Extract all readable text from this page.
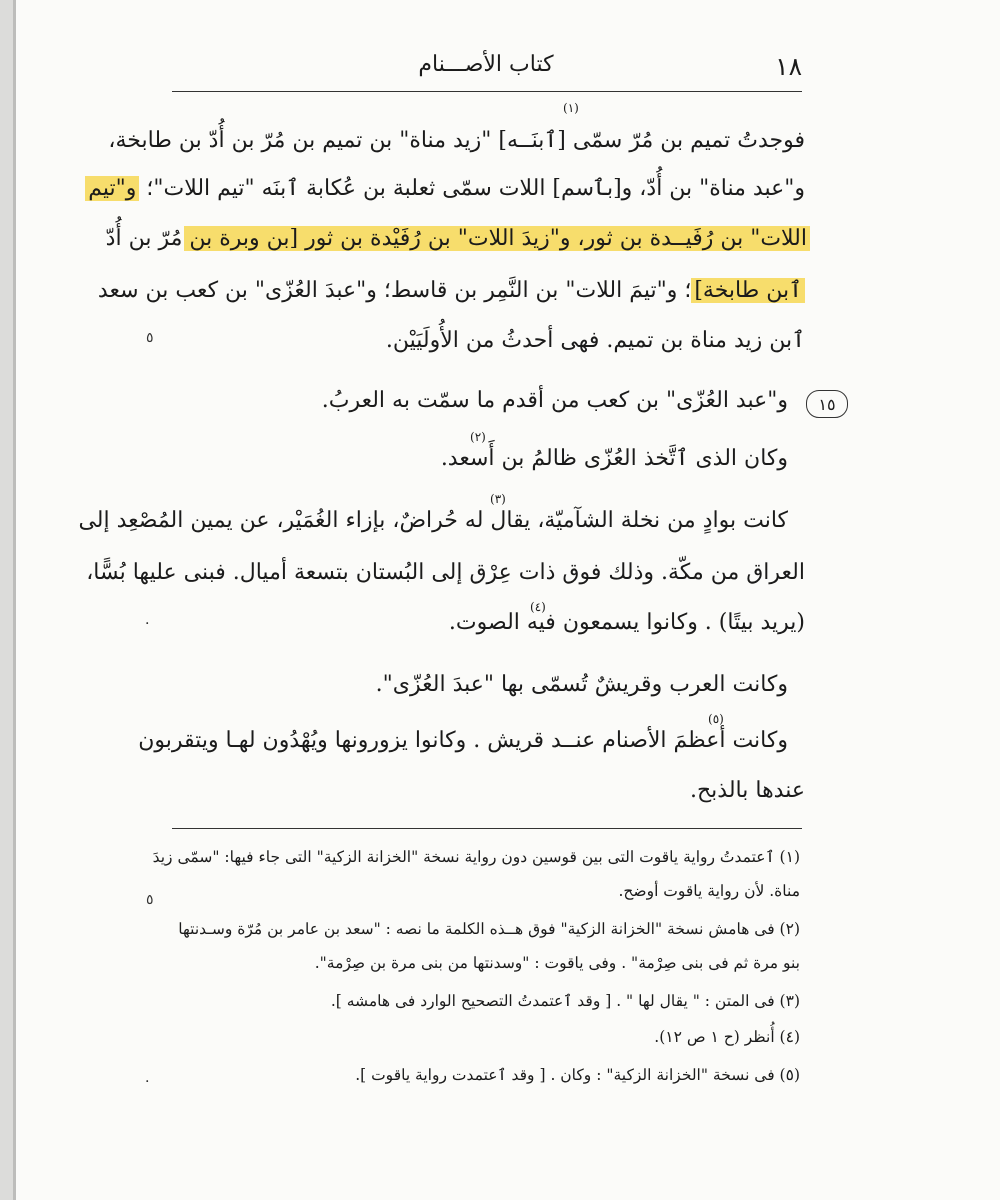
١٨
كتاب الأصـــنام
(١)
فوجدتُ تميم بن مُرّ سمّى [ٱبنَــه] "زيد مناة" بن تميم بن مُرّ بن أُدّ بن طابخة،
و"عبد مناة" بن أُدّ، و[بٱسم] اللات سمّى ثعلبة بن عُكابة ٱبنَه "تيم اللات"؛ و"تيم
اللات" بن رُفَيــدة بن ثور، و"زيدَ اللات" بن رُفَيْدة بن ثور [بن وبرة بن مُرّ بن أُدّ
ٱبن طابخة]؛ و"تيمَ اللات" بن النَّمِر بن قاسط؛ و"عبدَ العُزّى" بن كعب بن سعد
ٱبن زيد مناة بن تميم. فهى أحدثُ من الأُولَيَيْن.
و"عبد العُزّى" بن كعب من أقدم ما سمّت به العربُ.
(٢)
وكان الذى ٱتَّخذ العُزّى ظالمُ بن أَسعد.
(٣)
كانت بوادٍ من نخلة الشآميّة، يقال له حُراضٌ، بإزاء الغُمَيْر، عن يمين المُصْعِد إلى
العراق من مكّة. وذلك فوق ذات عِرْق إلى البُستان بتسعة أميال. فبنى عليها بُسًّا،
(٤)
(يريد بيتًا) . وكانوا يسمعون فيه الصوت.
وكانت العرب وقريشٌ تُسمّى بها "عبدَ العُزّى".
(٥)
وكانت أعظمَ الأصنام عنــد قريش . وكانوا يزورونها ويُهْدُون لهـا ويتقربون
عندها بالذبح.
٥
١٥
.
٥
.
(١) ٱعتمدتُ رواية ياقوت التى بين قوسين دون رواية نسخة "الخزانة الزكية" التى جاء فيها: "سمّى زيدَ
مناة. لأن رواية ياقوت أوضح.
(٢) فى هامش نسخة "الخزانة الزكية" فوق هــذه الكلمة ما نصه : "سعد بن عامر بن مُرّة وسـدنتها
بنو مرة ثم فى بنى صِرْمة" . وفى ياقوت : "وسدنتها من بنى مرة بن صِرْمة".
(٣) فى المتن : " يقال لها " . [ وقد ٱعتمدتُ التصحيح الوارد فى هامشه ].
(٤) أُنظر (ح ١ ص ١٢).
(٥) فى نسخة "الخزانة الزكية" : وكان . [ وقد ٱعتمدت رواية ياقوت ].
